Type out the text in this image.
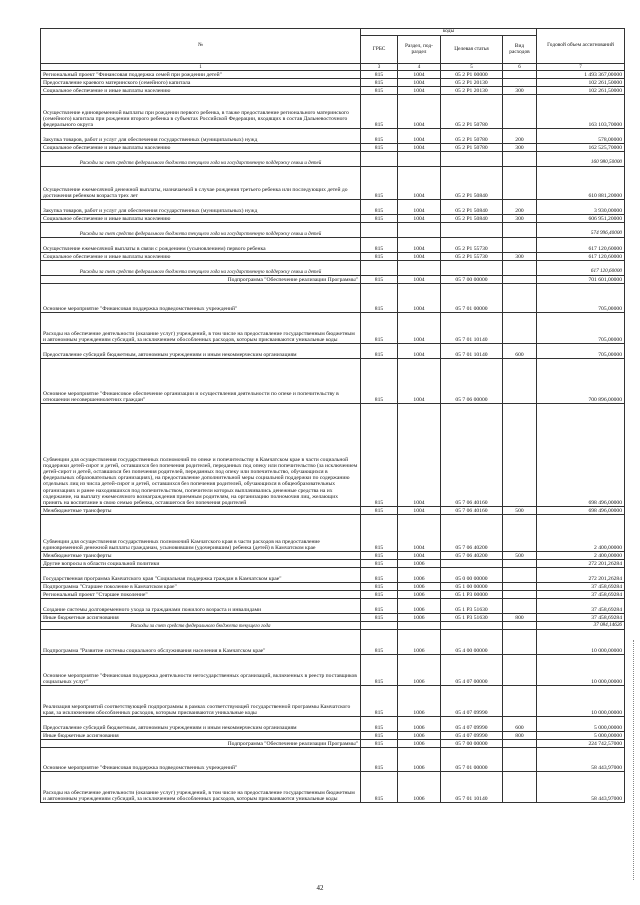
№	коды				Годовой объем ассигнований
	ГРБС	Раздел, под-раздел	Целевая статья	Вид расходов	
1	3	4	5	6	7
Региональный проект "Финансовая поддержка семей при рождении детей"	815	1004	05 2 P1 00000		1 493 367,00000
Предоставление краевого материнского (семейного) капитала	815	1004	05 2 P1 20130		102 261,50000
Социальное обеспечение и иные выплаты населению	815	1004	05 2 P1 20130	300	102 261,50000
Осуществление единовременной выплаты при рождении первого ребенка, в также предоставление регионального материнского (семейного) капитала при рождении второго ребенка в субъектах Российской Федерации, входящих в состав Дальневосточного федерального округа	815	1004	05 2 P1 50780		163 103,70000
Закупка товаров, работ и услуг для обеспечения государственных (муниципальных) нужд	815	1004	05 2 P1 50780	200	578,00000
Социальное обеспечение и иные выплаты населению	815	1004	05 2 P1 50780	300	162 525,70000
Расходы за счет средств федерального бюджета текущего года на государственную поддержку семьи и детей					160 980,50000
Осуществление ежемесячной денежной выплаты, назначаемой в случае рождения третьего ребенка или последующих детей до достижения ребенком возраста трех лет	815	1004	05 2 P1 50840		610 881,20000
Закупка товаров, работ и услуг для обеспечения государственных (муниципальных) нужд	815	1004	05 2 P1 50840	200	3 930,00000
Социальное обеспечение и иные выплаты населению	815	1004	05 2 P1 50840	300	606 951,20000
Расходы за счет средств федерального бюджета текущего года на государственную поддержку семьи и детей					574 996,40000
Осуществление ежемесячной выплаты в связи с рождением (усыновлением) первого ребенка	815	1004	05 2 P1 55730		617 120,60000
Социальное обеспечение и иные выплаты населению	815	1004	05 2 P1 55730	300	617 120,60000
Расходы за счет средств федерального бюджета текущего года на государственную поддержку семьи и детей					617 120,60000
Подпрограмма "Обеспечение реализации Программы"	815	1004	05 7 00 00000		701 601,00000
Основное мероприятие "Финансовая поддержка подведомственных учреждений"	815	1004	05 7 01 00000		705,00000
Расходы на обеспечение деятельности (оказание услуг) учреждений, в том числе на предоставление государственным бюджетным и автономным учреждениям субсидий, за исключением обособленных расходов, которым присваиваются уникальные коды	815	1004	05 7 01 10140		705,00000
Предоставление субсидий бюджетным, автономным учреждениям и иным некоммерческим организациям	815	1004	05 7 01 10140	600	705,00000
Основное мероприятие "Финансовое обеспечение организации и осуществления деятельности по опеке и попечительству в отношении несовершеннолетних граждан"	815	1004	05 7 06 00000		700 896,00000
Субвенции для осуществления государственных полномочий по опеке и попечительству в Камчатском крае в части социальной поддержки детей-сирот и детей, оставшихся без попечения родителей, переданных под опеку или попечительство (за исключением детей-сирот и детей, оставшихся без попечения родителей, переданных под опеку или попечительство, обучающихся в федеральных образовательных организациях), на предоставление дополнительной меры социальной поддержки по содержанию отдельных лиц из числа детей-сирот и детей, оставшихся без попечения родителей, обучающихся в общеобразовательных организациях и ранее находившихся под попечительством, попечители которых выплачивались денежные средства на их содержание, на выплату ежемесячного вознаграждения приемным родителям, на организацию полномочия лиц, желающих принять на воспитание в свою семью ребенка, оставшегося без попечения родителей	815	1004	05 7 06 40160		698 496,00000
Межбюджетные трансферты	815	1004	05 7 06 40160	500	698 496,00000
Субвенции для осуществления государственных полномочий Камчатского края в части расходов на предоставление единовременной денежной выплаты гражданам, усыновившим (удочерившим) ребенка (детей) в Камчатском крае	815	1004	05 7 06 40200		2 400,00000
Межбюджетные трансферты	815	1004	05 7 06 40200	500	2 400,00000
Другие вопросы в области социальной политики	815	1006			272 201,26284
Государственная программа Камчатского края "Социальная поддержка граждан в Камчатском крае"	815	1006	05 0 00 00000		272 201,26284
Подпрограмма "Старшее поколение в Камчатском крае"	815	1006	05 1 00 00000		37 458,69284
Региональный проект "Старшее поколение"	815	1006	05 1 P3 00000		37 458,69284
Создание системы долговременного ухода за гражданами пожилого возраста и инвалидами	815	1006	05 1 P3 51630		37 458,69284
Иные бюджетные ассигнования	815	1006	05 1 P3 51630	800	37 458,69284
Расходы за счет средств федерального бюджета текущего года					37 084,14626
Подпрограмма "Развитие системы социального обслуживания населения в Камчатском крае"	815	1006	05 4 00 00000		10 000,00000
Основное мероприятие "Финансовая поддержка деятельности негосударственных организаций, включенных в реестр поставщиков социальных услуг"	815	1006	05 4 07 00000		10 000,00000
Реализация мероприятий соответствующей подпрограммы в рамках соответствующей государственной программы Камчатского края, за исключением обособленных расходов, которым присваиваются уникальные коды	815	1006	05 4 07 09990		10 000,00000
Предоставление субсидий бюджетным, автономным учреждениям и иным некоммерческим организациям	815	1006	05 4 07 09990	600	5 000,00000
Иные бюджетные ассигнования	815	1006	05 4 07 09990	800	5 000,00000
Подпрограмма "Обеспечение реализации Программы"	815	1006	05 7 00 00000		224 742,57000
Основное мероприятие "Финансовая поддержка подведомственных учреждений"	815	1006	05 7 01 00000		58 443,97000
Расходы на обеспечение деятельности (оказание услуг) учреждений, в том числе на предоставление государственным бюджетным и автономным учреждениям субсидий, за исключением обособленных расходов, которым присваиваются уникальные коды	815	1006	05 7 01 10140		58 443,97000
42
